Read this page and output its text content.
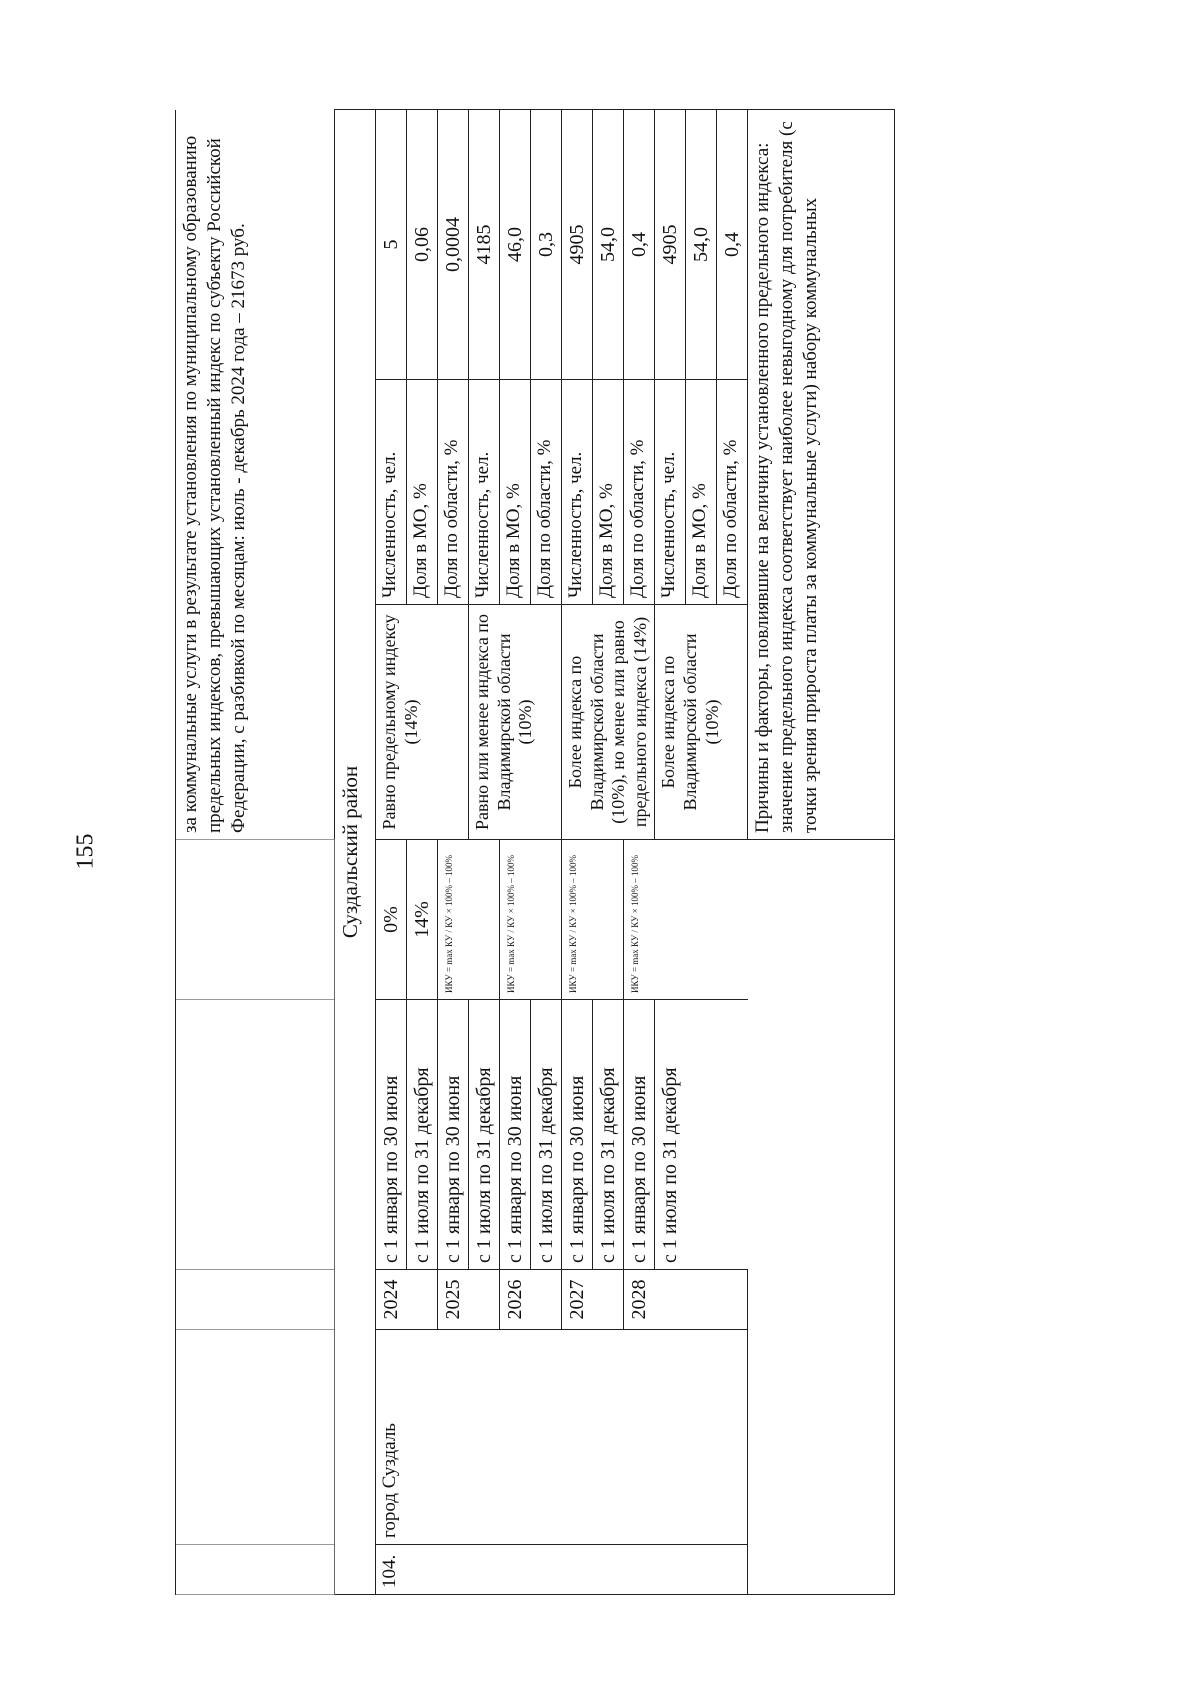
155
					за коммунальные услуги в результате установления по муниципальному образованию предельных индексов, превышающих установленный индекс по субъекту Российской Федерации, с разбивкой по месяцам: июль - декабрь 2024 года – 21673 руб.		
Суздальский район							
104.	город Суздаль	2024	с 1 января по 30 июня	0%	Равно предельному индексу (14%)	Численность, чел.	5
			с 1 июля по 31 декабря	14%		Доля в МО, %	0,06
		2025	с 1 января по 30 июня	ИКУ = max КУ / КУ × 100% – 100%		Доля по области, %	0,0004
			с 1 июля по 31 декабря		Равно или менее индекса по Владимирской области (10%)	Численность, чел.	4185
		2026	с 1 января по 30 июня	ИКУ = max КУ / КУ × 100% – 100%		Доля в МО, %	46,0
			с 1 июля по 31 декабря			Доля по области, %	0,3
		2027	с 1 января по 30 июня	ИКУ = max КУ / КУ × 100% – 100%	Более индекса по Владимирской области (10%), но менее или равно предельного индекса (14%)	Численность, чел.	4905
			с 1 июля по 31 декабря			Доля в МО, %	54,0
		2028	с 1 января по 30 июня	ИКУ = max КУ / КУ × 100% – 100%		Доля по области, %	0,4
			с 1 июля по 31 декабря		Более индекса по Владимирской области (10%)	Численность, чел.	4905
						Доля в МО, %	54,0
						Доля по области, %	0,4
					Причины и факторы, повлиявшие на величину установленного предельного индекса: значение предельного индекса соответствует наиболее невыгодному для потребителя (с точки зрения прироста платы за коммунальные услуги) набору коммунальных		
